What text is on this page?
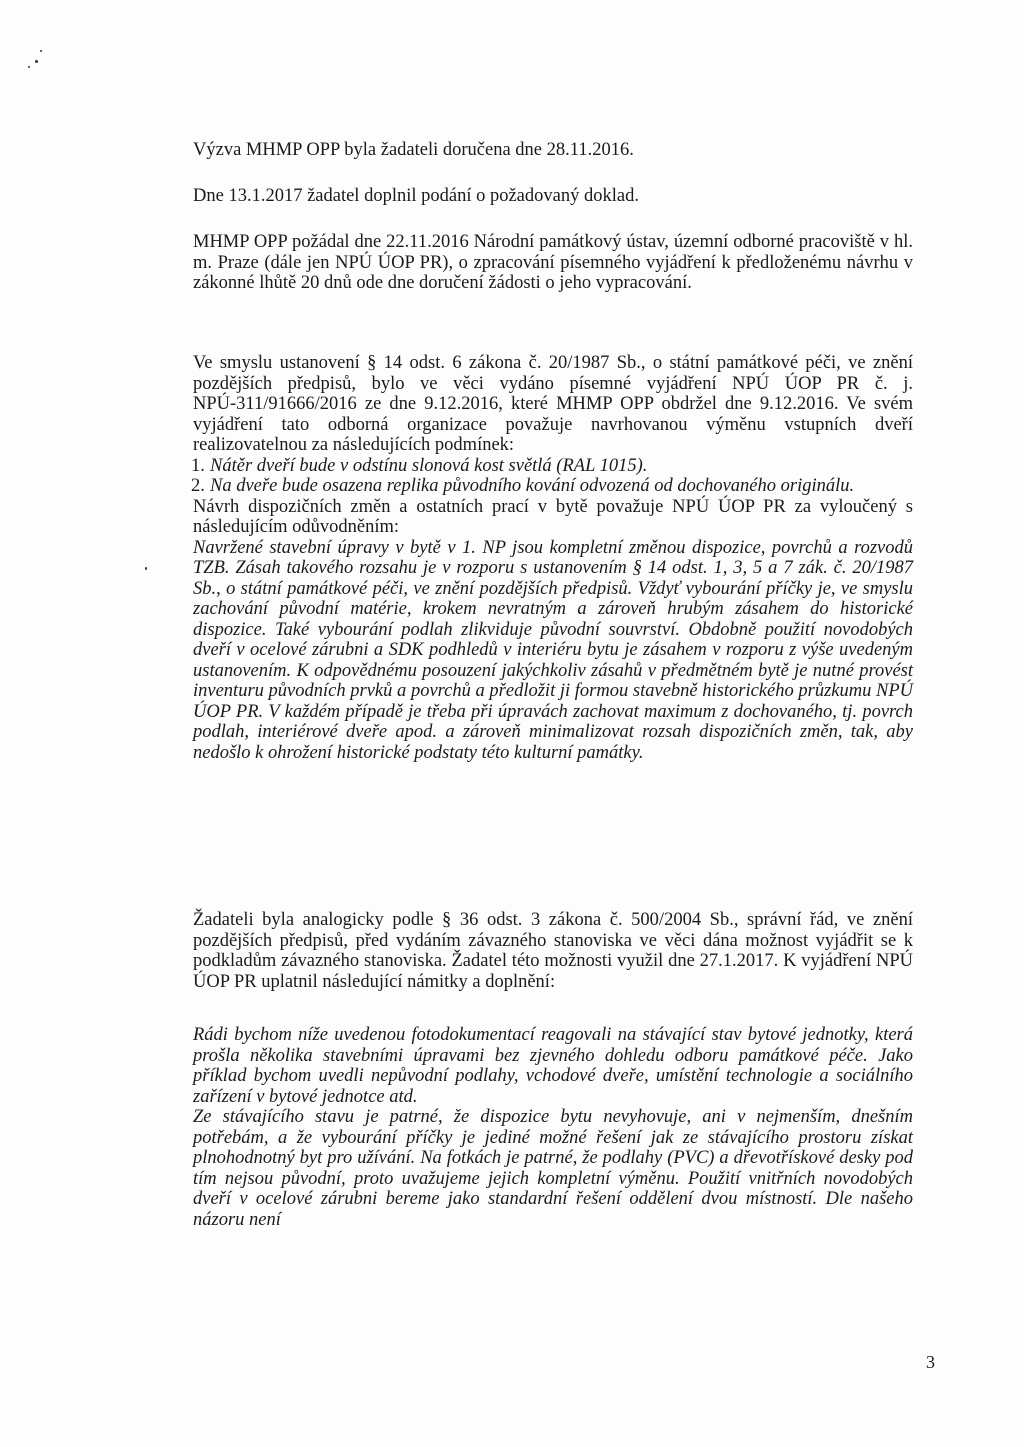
Výzva MHMP OPP byla žadateli doručena dne 28.11.2016.

Dne 13.1.2017 žadatel doplnil podání o požadovaný doklad.

MHMP OPP požádal dne 22.11.2016 Národní památkový ústav, územní odborné pracoviště v hl. m. Praze (dále jen NPÚ ÚOP PR), o zpracování písemného vyjádření k předloženému návrhu v zákonné lhůtě 20 dnů ode dne doručení žádosti o jeho vypracování.

Ve smyslu ustanovení § 14 odst. 6 zákona č. 20/1987 Sb., o státní památkové péči, ve znění pozdějších předpisů, bylo ve věci vydáno písemné vyjádření NPÚ ÚOP PR č. j. NPÚ-311/91666/2016 ze dne 9.12.2016, které MHMP OPP obdržel dne 9.12.2016. Ve svém vyjádření tato odborná organizace považuje navrhovanou výměnu vstupních dveří realizovatelnou za následujících podmínek:

1. Nátěr dveří bude v odstínu slonová kost světlá (RAL 1015).
2. Na dveře bude osazena replika původního kování odvozená od dochovaného originálu.

Návrh dispozičních změn a ostatních prací v bytě považuje NPÚ ÚOP PR za vyloučený s následujícím odůvodněním:

Navržené stavební úpravy v bytě v 1. NP jsou kompletní změnou dispozice, povrchů a rozvodů TZB. Zásah takového rozsahu je v rozporu s ustanovením § 14 odst. 1, 3, 5 a 7 zák. č. 20/1987 Sb., o státní památkové péči, ve znění pozdějších předpisů. Vždyť vybourání příčky je, ve smyslu zachování původní matérie, krokem nevratným a zároveň hrubým zásahem do historické dispozice. Také vybourání podlah zlikviduje původní souvrství. Obdobně použití novodobých dveří v ocelové zárubni a SDK podhledů v interiéru bytu je zásahem v rozporu z výše uvedeným ustanovením. K odpovědnému posouzení jakýchkoliv zásahů v předmětném bytě je nutné provést inventuru původních prvků a povrchů a předložit ji formou stavebně historického průzkumu NPÚ ÚOP PR. V každém případě je třeba při úpravách zachovat maximum z dochovaného, tj. povrch podlah, interiérové dveře apod. a zároveň minimalizovat rozsah dispozičních změn, tak, aby nedošlo k ohrožení historické podstaty této kulturní památky.

Žadateli byla analogicky podle § 36 odst. 3 zákona č. 500/2004 Sb., správní řád, ve znění pozdějších předpisů, před vydáním závazného stanoviska ve věci dána možnost vyjádřit se k podkladům závazného stanoviska. Žadatel této možnosti využil dne 27.1.2017. K vyjádření NPÚ ÚOP PR uplatnil následující námitky a doplnění:

Rádi bychom níže uvedenou fotodokumentací reagovali na stávající stav bytové jednotky, která prošla několika stavebními úpravami bez zjevného dohledu odboru památkové péče. Jako příklad bychom uvedli nepůvodní podlahy, vchodové dveře, umístění technologie a sociálního zařízení v bytové jednotce atd.

Ze stávajícího stavu je patrné, že dispozice bytu nevyhovuje, ani v nejmenším, dnešním potřebám, a že vybourání příčky je jediné možné řešení jak ze stávajícího prostoru získat plnohodnotný byt pro užívání. Na fotkách je patrné, že podlahy (PVC) a dřevotřískové desky pod tím nejsou původní, proto uvažujeme jejich kompletní výměnu. Použití vnitřních novodobých dveří v ocelové zárubni bereme jako standardní řešení oddělení dvou místností. Dle našeho názoru není

3
